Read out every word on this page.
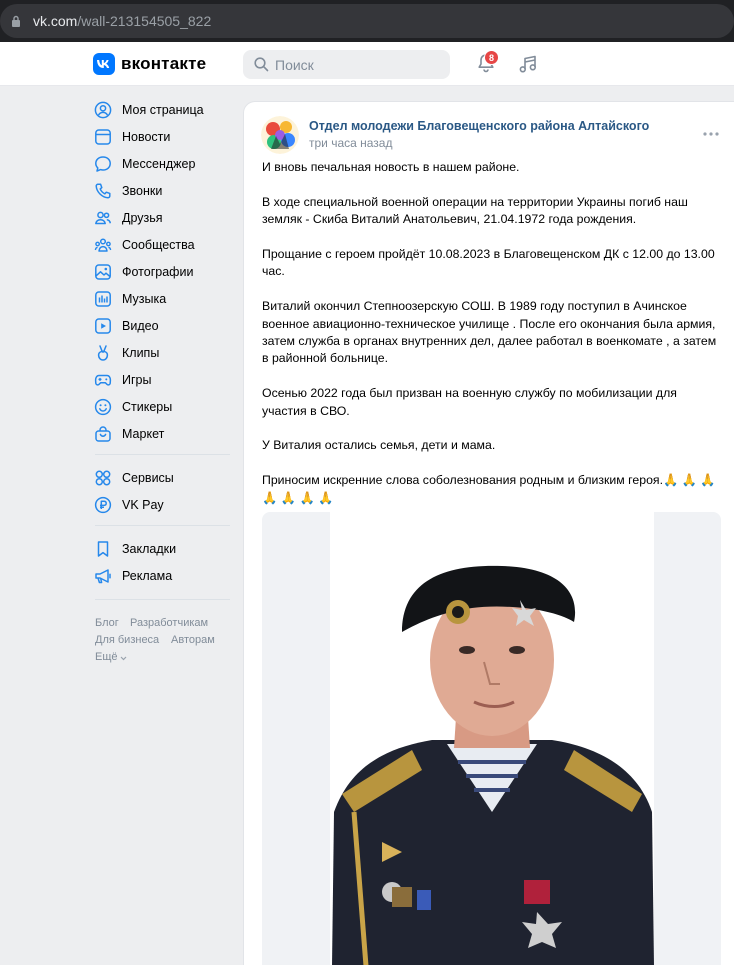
vk.com/wall-213154505_822
вконтакте
Поиск	8
Моя страница
Новости
Мессенджер
Звонки
Друзья
Сообщества
Фотографии
Музыка
Видео
Клипы
Игры
Стикеры
Маркет
Сервисы
VK Pay
Закладки
Реклама
Блог Разработчикам
Для бизнеса Авторам
Ещё
Отдел молодежи Благовещенского района Алтайского
три часа назад

И вновь печальная новость в нашем районе.

В ходе специальной военной операции на территории Украины погиб наш земляк - Скиба Виталий Анатольевич, 21.04.1972 года рождения.

Прощание с героем пройдёт 10.08.2023 в Благовещенском ДК с 12.00 до 13.00 час.

Виталий окончил Степноозерскую СОШ. В 1989 году поступил в Ачинское военное авиационно-техническое училище . После его окончания была армия, затем служба в органах внутренних дел, далее работал в военкомате , а затем в районной больнице.

Осенью 2022 года был призван на военную службу по мобилизации для участия в СВО.

У Виталия остались семья, дети и мама.

Приносим искренние слова соболезнования родным и близким героя.🙏 🙏 🙏 🙏 🙏 🙏 🙏
